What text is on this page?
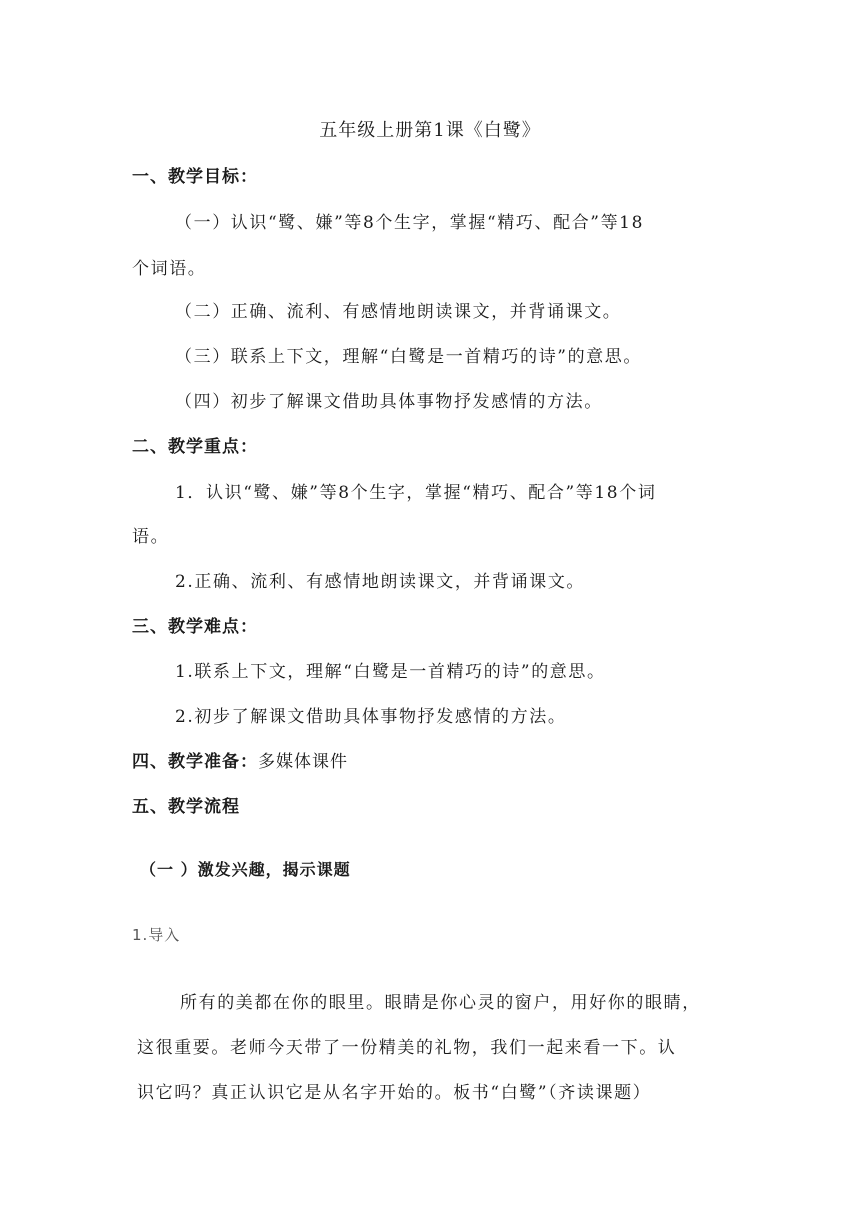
五年级上册第1课《白鹭》
一、教学目标：
（一）认识“鹭、嫌”等8个生字，掌握“精巧、配合”等18
个词语。
（二）正确、流利、有感情地朗读课文，并背诵课文。
（三）联系上下文，理解“白鹭是一首精巧的诗”的意思。
（四）初步了解课文借助具体事物抒发感情的方法。
二、教学重点：
1．认识“鹭、嫌”等8个生字，掌握“精巧、配合”等18个词
语。
2.正确、流利、有感情地朗读课文，并背诵课文。
三、教学难点：
1.联系上下文，理解“白鹭是一首精巧的诗”的意思。
2.初步了解课文借助具体事物抒发感情的方法。
四、教学准备：多媒体课件
五、教学流程
（一 ）激发兴趣，揭示课题
1.导入
所有的美都在你的眼里。眼睛是你心灵的窗户，用好你的眼睛，
这很重要。老师今天带了一份精美的礼物，我们一起来看一下。认
识它吗？真正认识它是从名字开始的。板书“白鹭”（齐读课题）
